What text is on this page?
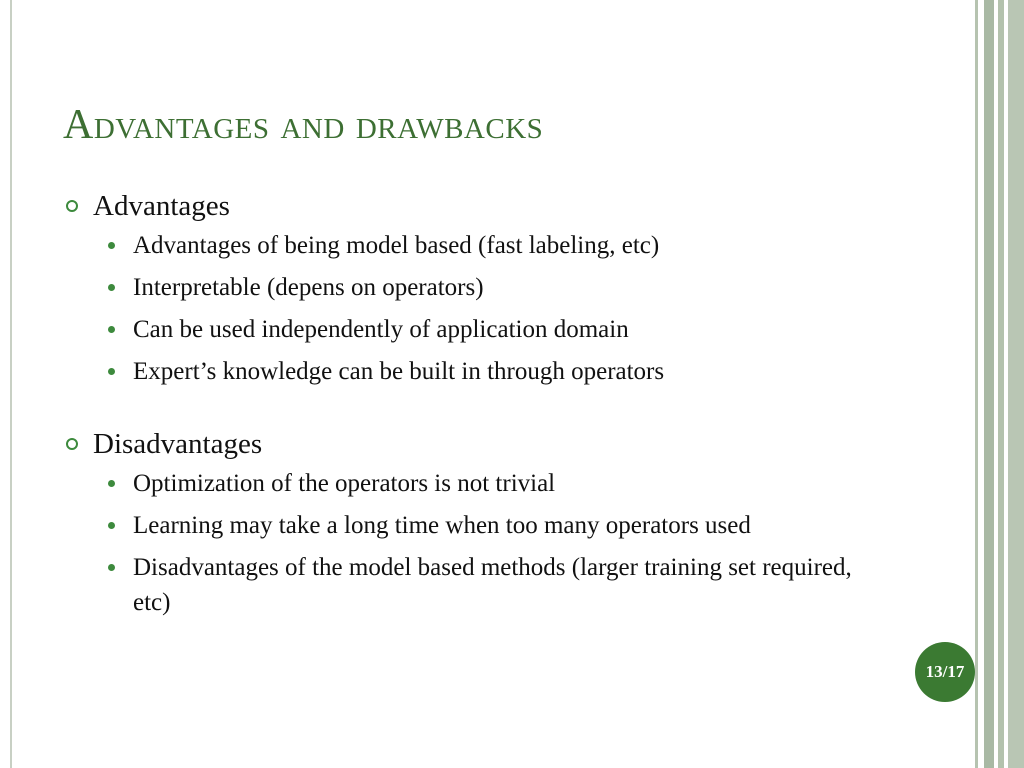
Advantages and drawbacks

Advantages

Advantages of being model based (fast labeling, etc)
Interpretable (depens on operators)
Can be used independently of application domain
Expert’s knowledge can be built in through operators

Disadvantages

Optimization of the operators is not trivial
Learning may take a long time when too many operators used
Disadvantages of the model based methods (larger training set required, etc)
13/17
